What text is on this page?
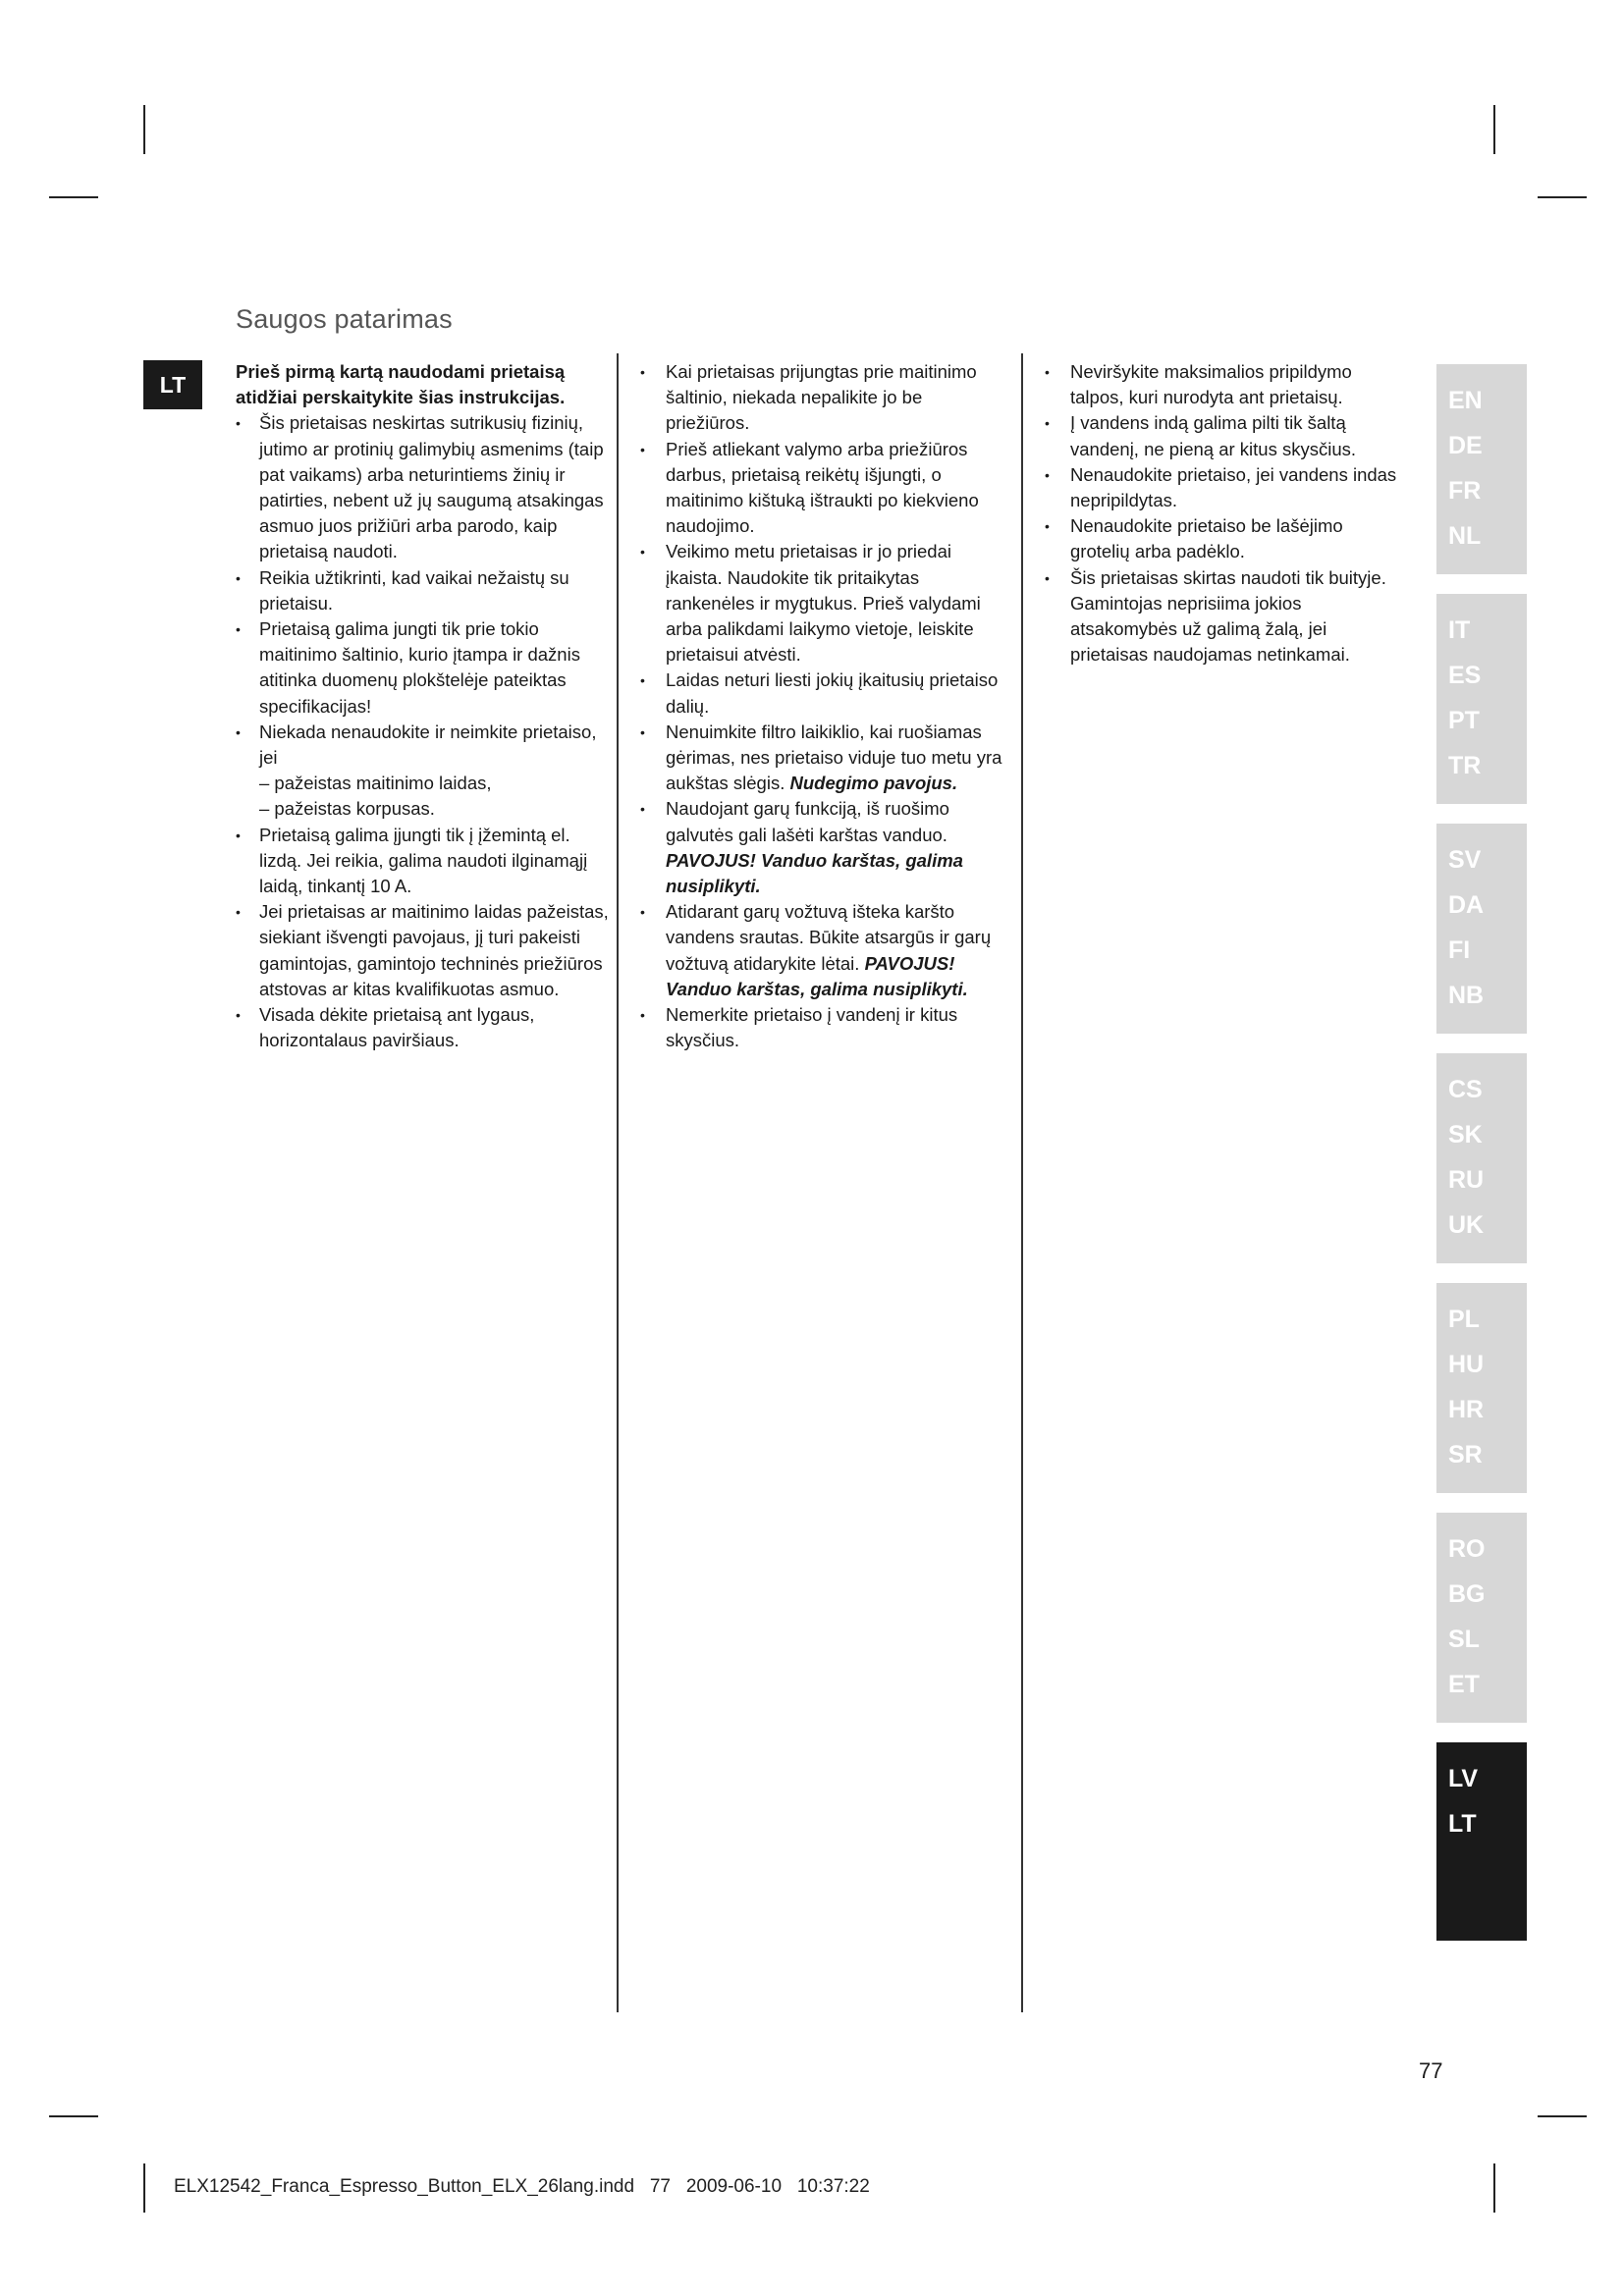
Saugos patarimas
LT	Prieš pirmą kartą naudodami prietaisą atidžiai perskaitykite šias instrukcijas.
• Šis prietaisas neskirtas sutrikusių fizinių, jutimo ar protinių galimybių asmenims (taip pat vaikams) arba neturintiems žinių ir patirties, nebent už jų saugumą atsakingas asmuo juos prižiūri arba parodo, kaip prietaisą naudoti.
• Reikia užtikrinti, kad vaikai nežaistų su prietaisu.
• Prietaisą galima jungti tik prie tokio maitinimo šaltinio, kurio įtampa ir dažnis atitinka duomenų plokštelėje pateiktas specifikacijas!
• Niekada nenaudokite ir neimkite prietaiso, jei
– pažeistas maitinimo laidas,
– pažeistas korpusas.
• Prietaisą galima įjungti tik į įžemintą el. lizdą. Jei reikia, galima naudoti ilginamąjį laidą, tinkantį 10 A.
• Jei prietaisas ar maitinimo laidas pažeistas, siekiant išvengti pavojaus, jį turi pakeisti gamintojas, gamintojo techninės priežiūros atstovas ar kitas kvalifikuotas asmuo.
• Visada dėkite prietaisą ant lygaus, horizontalaus paviršiaus.
• Kai prietaisas prijungtas prie maitinimo šaltinio, niekada nepalikite jo be priežiūros.
• Prieš atliekant valymo arba priežiūros darbus, prietaisą reikėtų išjungti, o maitinimo kištuką ištraukti po kiekvieno naudojimo.
• Veikimo metu prietaisas ir jo priedai įkaista. Naudokite tik pritaikytas rankenėles ir mygtukus. Prieš valydami arba palikdami laikymo vietoje, leiskite prietaisui atvėsti.
• Laidas neturi liesti jokių įkaitusių prietaiso dalių.
• Nenuimkite filtro laikiklio, kai ruošiamas gėrimas, nes prietaiso viduje tuo metu yra aukštas slėgis. Nudegimo pavojus.
• Naudojant garų funkciją, iš ruošimo galvutės gali lašėti karštas vanduo. PAVOJUS! Vanduo karštas, galima nusiplikyti.
• Atidarant garų vožtuvą išteka karšto vandens srautas. Būkite atsargūs ir garų vožtuvą atidarykite lėtai. PAVOJUS! Vanduo karštas, galima nusiplikyti.
• Nemerkite prietaiso į vandenį ir kitus skysčius.
• Neviršykite maksimalios pripildymo talpos, kuri nurodyta ant prietaisų.
• Į vandens indą galima pilti tik šaltą vandenį, ne pieną ar kitus skysčius.
• Nenaudokite prietaiso, jei vandens indas nepripildytas.
• Nenaudokite prietaiso be lašėjimo grotelių arba padėklo.
• Šis prietaisas skirtas naudoti tik buityje. Gamintojas neprisiima jokios atsakomybės už galimą žalą, jei prietaisas naudojamas netinkamai.
EN
DE
FR
NL
IT
ES
PT
TR
SV
DA
FI
NB
CS
SK
RU
UK
PL
HU
HR
SR
RO
BG
SL
ET
LV
LT
77
ELX12542_Franca_Espresso_Button_ELX_26lang.indd   77   2009-06-10   10:37:22
